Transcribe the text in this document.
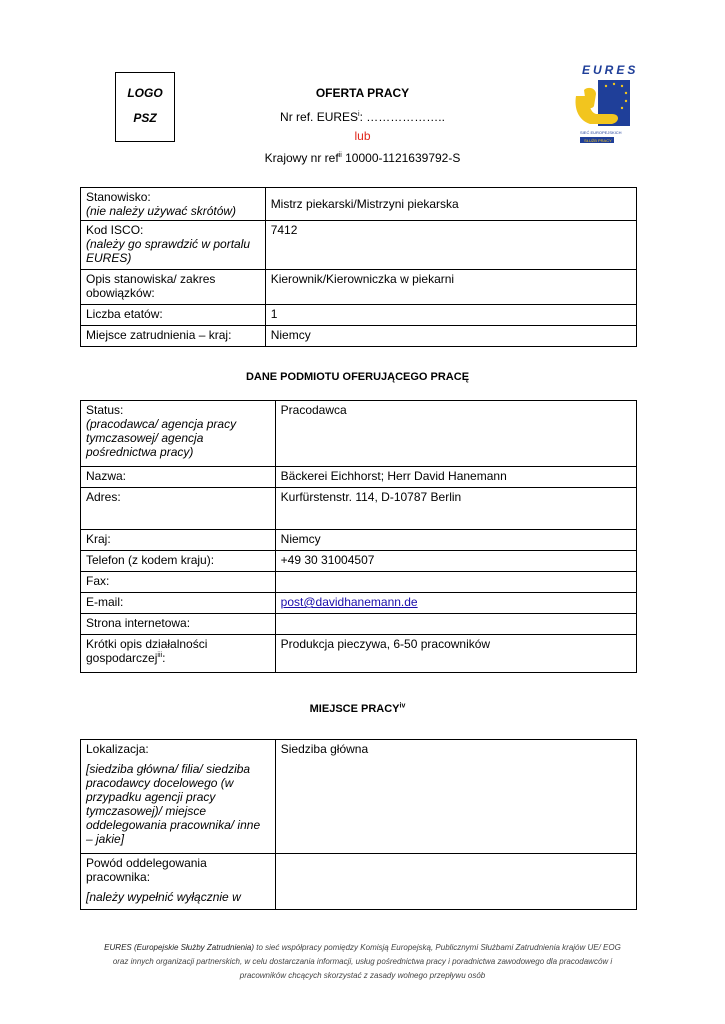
LOGO
PSZ
EURES
SIEĆ EUROPEJSKICH
SŁUŻB PRACY
OFERTA PRACY
Nr ref. EURES$^i$: ………………..
lub
Krajowy nr ref$^{ii}$ 10000-1121639792-S
Stanowisko:
(nie należy używać skrótów)	Mistrz piekarski/Mistrzyni piekarska

Kod ISCO:
(należy go sprawdzić w portalu EURES)	7412
Opis stanowiska/ zakres obowiązków:	Kierownik/Kierowniczka w piekarni
Liczba etatów:	1
Miejsce zatrudnienia – kraj:	Niemcy
DANE PODMIOTU OFERUJĄCEGO PRACĘ
Status:
(pracodawca/ agencja pracy tymczasowej/ agencja pośrednictwa pracy)	Pracodawca
Nazwa:	Bäckerei Eichhorst; Herr David Hanemann
Adres:	Kurfürstenstr. 114, D-10787 Berlin
Kraj:	Niemcy
Telefon (z kodem kraju):	+49 30 31004507
Fax:	
E-mail:	post@davidhanemann.de
Strona internetowa:	
Krótki opis działalności gospodarczej$^{iii}$:	Produkcja pieczywa, 6-50 pracowników
MIEJSCE PRACY$^{iv}$
Lokalizacja:
[siedziba główna/ filia/ siedziba pracodawcy docelowego (w przypadku agencji pracy tymczasowej)/ miejsce oddelegowania pracownika/ inne – jakie]	Siedziba główna

Powód oddelegowania pracownika:
[należy wypełnić wyłącznie w	

EURES (Europejskie Służby Zatrudnienia) to sieć współpracy pomiędzy Komisją Europejską, Publicznymi Służbami Zatrudnienia krajów UE/ EOG
oraz innych organizacji partnerskich, w celu dostarczania informacji, usług pośrednictwa pracy i poradnictwa zawodowego dla pracodawców i
pracowników chcących skorzystać z zasady wolnego przepływu osób
